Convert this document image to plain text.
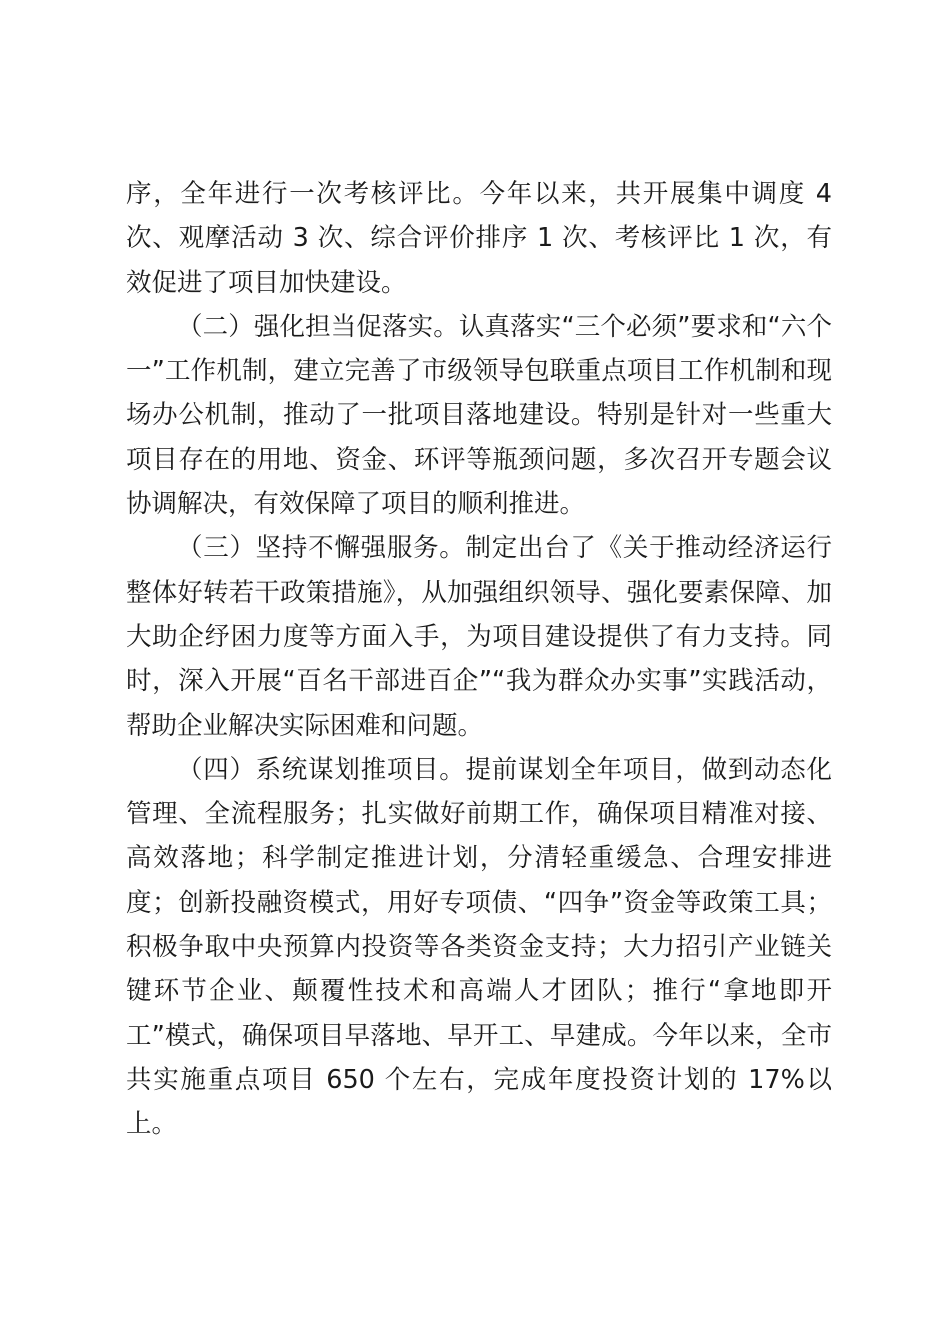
序，全年进行一次考核评比。今年以来，共开展集中调度 4 次、观摩活动 3 次、综合评价排序 1 次、考核评比 1 次，有效促进了项目加快建设。

（二）强化担当促落实。认真落实“三个必须”要求和“六个一”工作机制，建立完善了市级领导包联重点项目工作机制和现场办公机制，推动了一批项目落地建设。特别是针对一些重大项目存在的用地、资金、环评等瓶颈问题，多次召开专题会议协调解决，有效保障了项目的顺利推进。

（三）坚持不懈强服务。制定出台了《关于推动经济运行整体好转若干政策措施》，从加强组织领导、强化要素保障、加大助企纾困力度等方面入手，为项目建设提供了有力支持。同时，深入开展“百名干部进百企”“我为群众办实事”实践活动，帮助企业解决实际困难和问题。

（四）系统谋划推项目。提前谋划全年项目，做到动态化管理、全流程服务；扎实做好前期工作，确保项目精准对接、高效落地；科学制定推进计划，分清轻重缓急、合理安排进度；创新投融资模式，用好专项债、“四争”资金等政策工具；积极争取中央预算内投资等各类资金支持；大力招引产业链关键环节企业、颠覆性技术和高端人才团队；推行“拿地即开工”模式，确保项目早落地、早开工、早建成。今年以来，全市共实施重点项目 650 个左右，完成年度投资计划的 17%以上。
